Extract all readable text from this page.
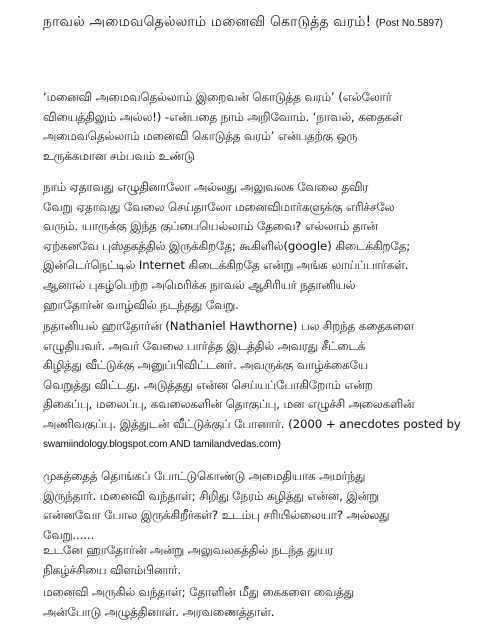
நாவல் அமைவதெல்லாம் மனைவி கொடுத்த வரம்! (Post No.5897)

‘மனைவி அமைவதெல்லாம் இறைவன் கொடுத்த வரம்’ (எல்லோர்
வியைத்திலும் அல்ல!) -என்பதை நாம் அறிவோம். ‘நாவல், கதைகள்
அமைவதெல்லாம் மனைவி கொடுத்த வரம்’ என்பதற்கு ஒரு
உருக்கமான சம்பவம் உண்டு

நாம் ஏதாவது எழுதினாலோ அல்லது அலுவலக வேலை தவிர
வேறு ஏதாவது வேலை செய்தாலோ மனைவிமார்களுக்கு எரிச்சலே
வரும். யாருக்கு இந்த குப்பையெல்லாம் தேவை? எல்லாம் தான்
ஏற்கனவே புஸ்தகத்தில் இருக்கிறதே; கூகிளில்(google) கிடைக்கிறதே;
இன்டெர்நெட்டில் Internet கிடைக்கிறதே என்று அங்க லாய்ப்பார்கள்.
ஆனால் புகழ்பெற்ற அமெரிக்க நாவல் ஆசிரியர் நதானியல்
ஹாதோர்ன் வாழ்வில் நடந்தது வேறு.

நதானியல் ஹாதோர்ன் (Nathaniel Hawthorne) பல சிறந்த கதைகளை
எழுதியவர். அவர் வேலை பார்த்த இடத்தில் அவரது சீட்டைக்
கிழித்து வீட்டுக்கு அனுப்பிவிட்டனர். அவருக்கு வாழ்க்கையே
வெறுத்து விட்டது. அடுத்தது என்ன செய்யப்போகிறோம் என்ற
திகைப்பு, மலைப்பு, கவலைகளின் தொகுப்பு, மன எழுச்சி அலைகளின்
அணிவகுப்பு. இத்துடன் வீட்டுக்குப் போனார். (2000 + anecdotes posted by
swamiindology.blogspot.com AND tamilandvedas.com)

முகத்தைத் தொங்கப் போட்டுகொண்டு அமைதியாக அமர்ந்து
இருந்தார். மனைவி வந்தாள்; சிறிது நேரம் கழித்து என்ன, இன்று
என்னவோ போல இருக்கிறீர்கள்? உடம்பு சரியில்லையா? அல்லது
வேறு......

உடனே ஹாதோர்ன் அன்று அலுவலகத்தில் நடந்த துயர
நிகழ்ச்சியை விளம்பினார்.

மனைவி அருகில் வந்தாள்; தோளின் மீது கைகளை வைத்து
அன்போடு அழுத்தினாள். அரவணைத்தாள்.
